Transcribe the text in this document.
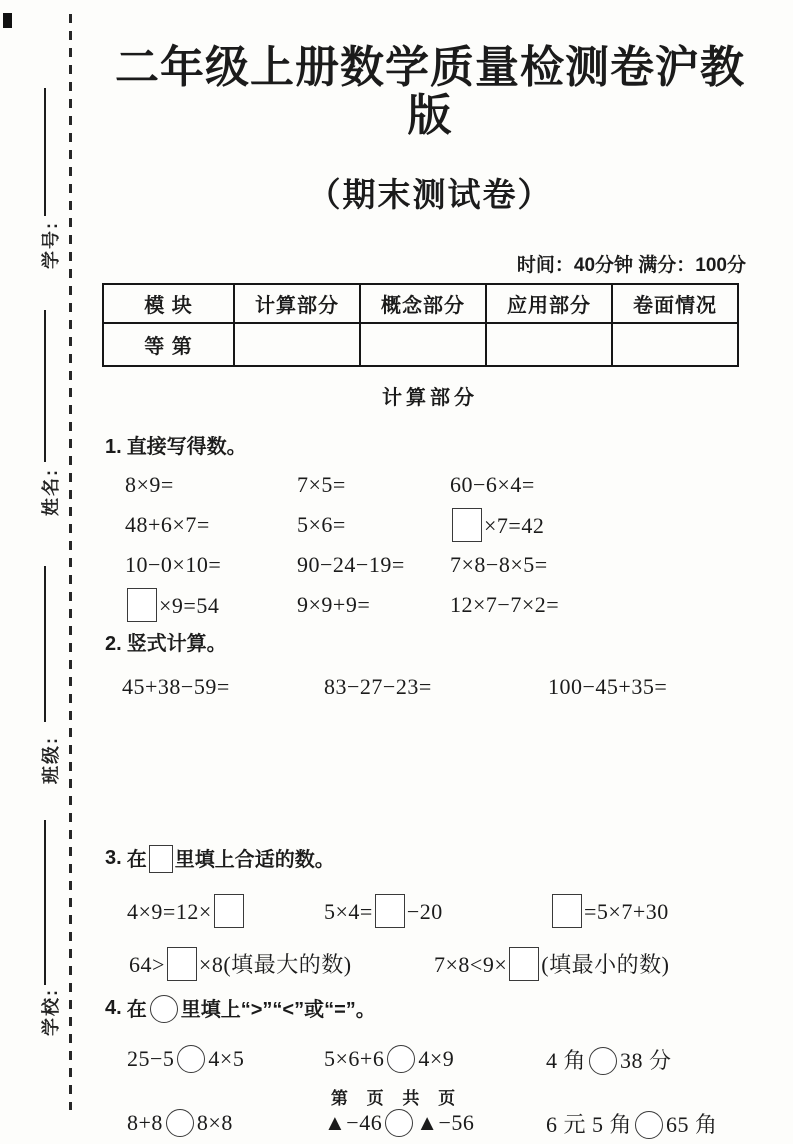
学号:
姓名:
班级:
学校:
二年级上册数学质量检测卷沪教版
（期末测试卷）
时间：40分钟 满分：100分
模 块	计算部分	概念部分	应用部分	卷面情况
等 第				
计算部分
1. 直接写得数。
8×9=	7×5=	60−6×4=
48+6×7=	5×6=	×7=42
10−0×10=	90−24−19=	7×8−8×5=
×9=54	9×9+9=	12×7−7×2=
2. 竖式计算。
45+38−59=	83−27−23=	100−45+35=
3. 在 里填上合适的数。
4×9=12×	5×4= −20	=5×7+30
64> ×8(填最大的数)	7×8<9× (填最小的数)
4. 在 里填上“>”“<”或“=”。
25−5 4×5	5×6+6 4×9	4 角 38 分
8+8 8×8	▲−46 ▲−56	6 元 5 角 65 角
第 页 共 页
